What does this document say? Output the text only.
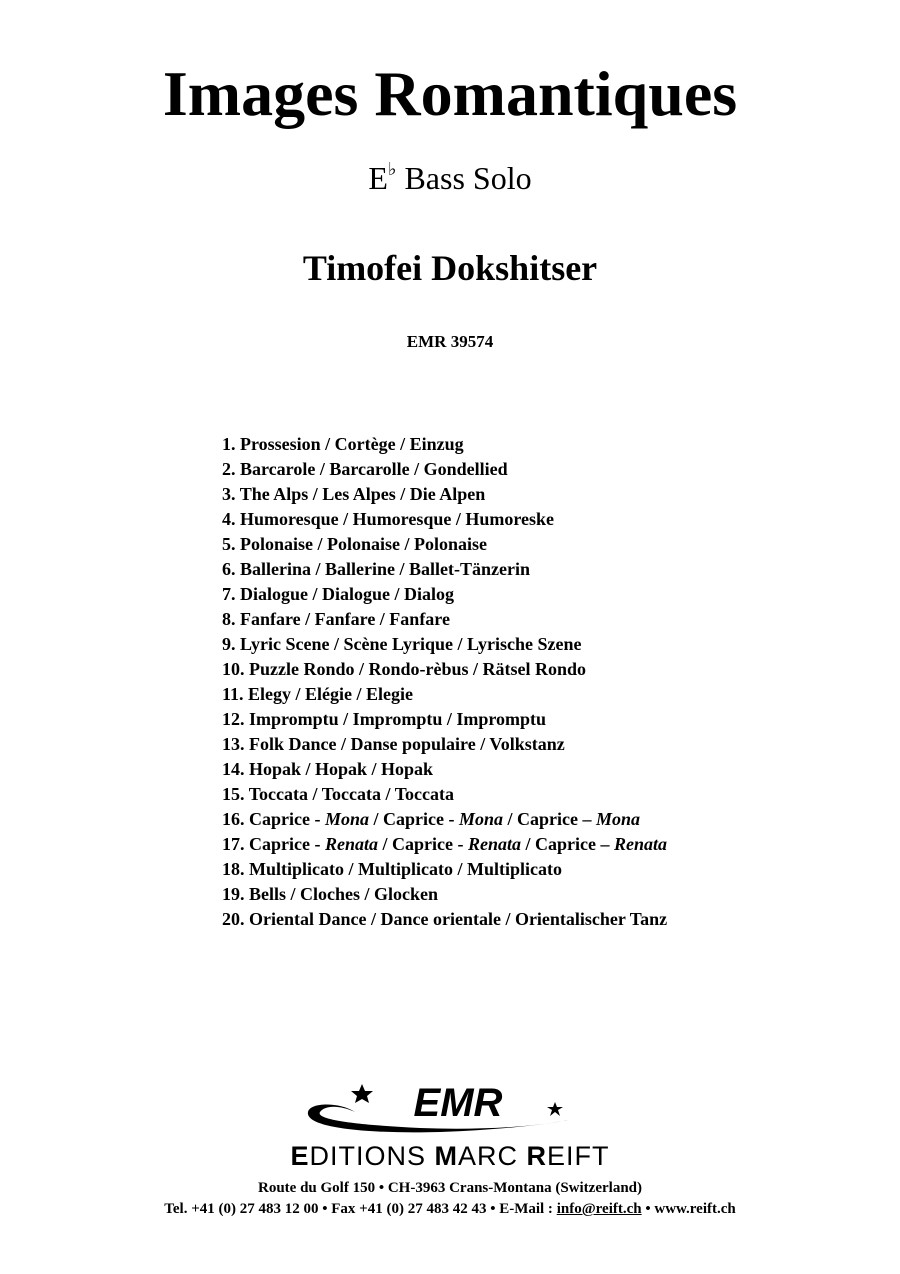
Images Romantiques
E♭ Bass Solo
Timofei Dokshitser
EMR 39574
1. Prossesion / Cortège / Einzug
2. Barcarole / Barcarolle / Gondellied
3. The Alps / Les Alpes / Die Alpen
4. Humoresque / Humoresque / Humoreske
5. Polonaise / Polonaise / Polonaise
6. Ballerina / Ballerine / Ballet-Tänzerin
7. Dialogue / Dialogue / Dialog
8. Fanfare / Fanfare / Fanfare
9. Lyric Scene / Scène Lyrique / Lyrische Szene
10. Puzzle Rondo / Rondo-rèbus / Rätsel Rondo
11. Elegy / Elégie / Elegie
12. Impromptu / Impromptu / Impromptu
13. Folk Dance / Danse populaire / Volkstanz
14. Hopak / Hopak / Hopak
15. Toccata / Toccata / Toccata
16. Caprice - Mona / Caprice - Mona / Caprice – Mona
17. Caprice - Renata / Caprice - Renata / Caprice – Renata
18. Multiplicato / Multiplicato / Multiplicato
19. Bells / Cloches / Glocken
20. Oriental Dance / Dance orientale / Orientalischer Tanz
EMR
EDITIONS MARC REIFT
Route du Golf 150 • CH-3963 Crans-Montana (Switzerland)
Tel. +41 (0) 27 483 12 00 • Fax +41 (0) 27 483 42 43 • E-Mail : info@reift.ch • www.reift.ch
